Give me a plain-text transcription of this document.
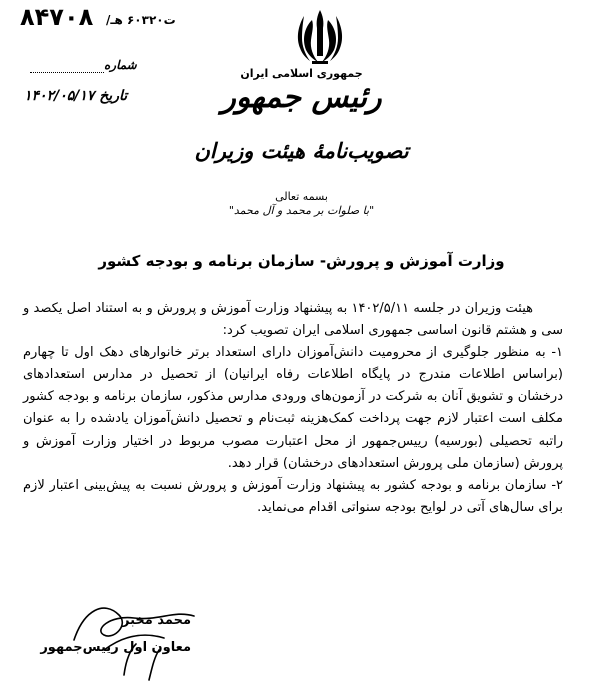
جمهوری اسلامی ایران
رئیس جمهور
تصویب‌نامهٔ هیئت وزیران
۸۴۷۰۸ ت‌۶۰۳۲۰ هـ/
شماره
تاریخ ۱۴۰۲/۰۵/۱۷
بسمه تعالی
"با صلوات بر محمد و آل محمد"
وزارت آموزش و پرورش- سازمان برنامه و بودجه کشور

هیئت وزیران در جلسه ۱۴۰۲/۵/۱۱ به پیشنهاد وزارت آموزش و پرورش و به استناد اصل یکصد و سی و هشتم قانون اساسی جمهوری اسلامی ایران تصویب کرد:

۱- به منظور جلوگیری از محرومیت دانش‌آموزان دارای استعداد برتر خانوارهای دهک اول تا چهارم (براساس اطلاعات مندرج در پایگاه اطلاعات رفاه ایرانیان) از تحصیل در مدارس استعدادهای درخشان و تشویق آنان به شرکت در آزمون‌های ورودی مدارس مذکور، سازمان برنامه و بودجه کشور مکلف است اعتبار لازم جهت پرداخت کمک‌هزینه ثبت‌نام و تحصیل دانش‌آموزان یادشده را به عنوان راتبه تحصیلی (بورسیه) رییس‌جمهور از محل اعتبارت مصوب مربوط در اختیار وزارت آموزش و پرورش (سازمان ملی پرورش استعدادهای درخشان) قرار دهد.

۲- سازمان برنامه و بودجه کشور به پیشنهاد وزارت آموزش و پرورش نسبت به پیش‌بینی اعتبار لازم برای سال‌های آتی در لوایح بودجه سنواتی اقدام می‌نماید.

محمد مخبر
معاون اول رییس‌جمهور
